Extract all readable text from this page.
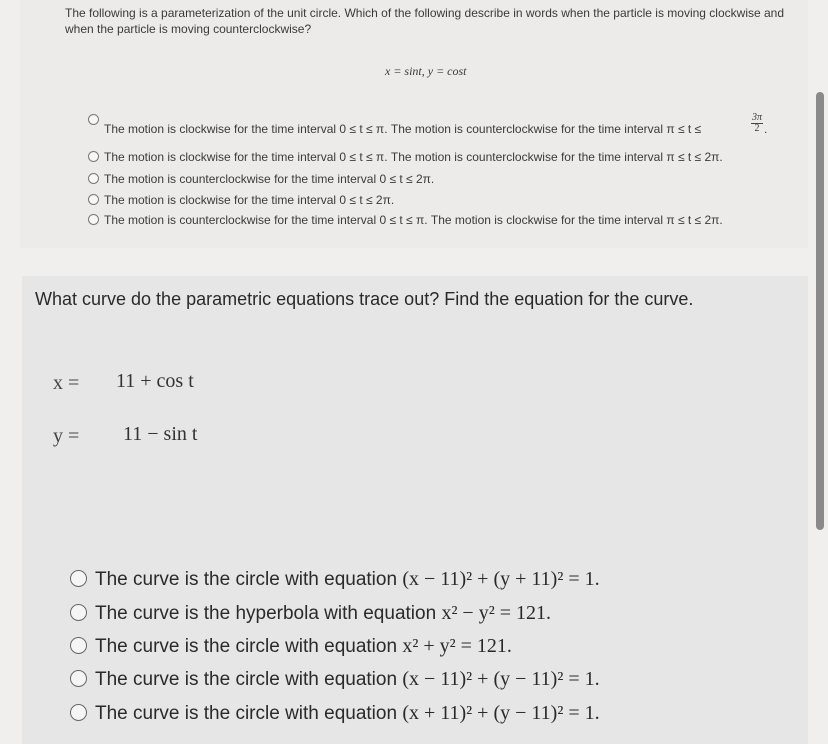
The following is a parameterization of the unit circle. Which of the following describe in words when the particle is moving clockwise and when the particle is moving counterclockwise?
x = sint, y = cost
The motion is clockwise for the time interval 0 ≤ t ≤ π. The motion is counterclockwise for the time interval π ≤ t ≤	$\frac{3\pi}{2}$ .
The motion is clockwise for the time interval 0 ≤ t ≤ π. The motion is counterclockwise for the time interval π ≤ t ≤ 2π.
The motion is counterclockwise for the time interval 0 ≤ t ≤ 2π.
The motion is clockwise for the time interval 0 ≤ t ≤ 2π.
The motion is counterclockwise for the time interval 0 ≤ t ≤ π. The motion is clockwise for the time interval π ≤ t ≤ 2π.
What curve do the parametric equations trace out? Find the equation for the curve.
x = 11 + cos t
y = 11 − sin t
The curve is the circle with equation (x − 11)² + (y + 11)² = 1.
The curve is the hyperbola with equation x² − y² = 121.
The curve is the circle with equation x² + y² = 121.
The curve is the circle with equation (x − 11)² + (y − 11)² = 1.
The curve is the circle with equation (x + 11)² + (y − 11)² = 1.
